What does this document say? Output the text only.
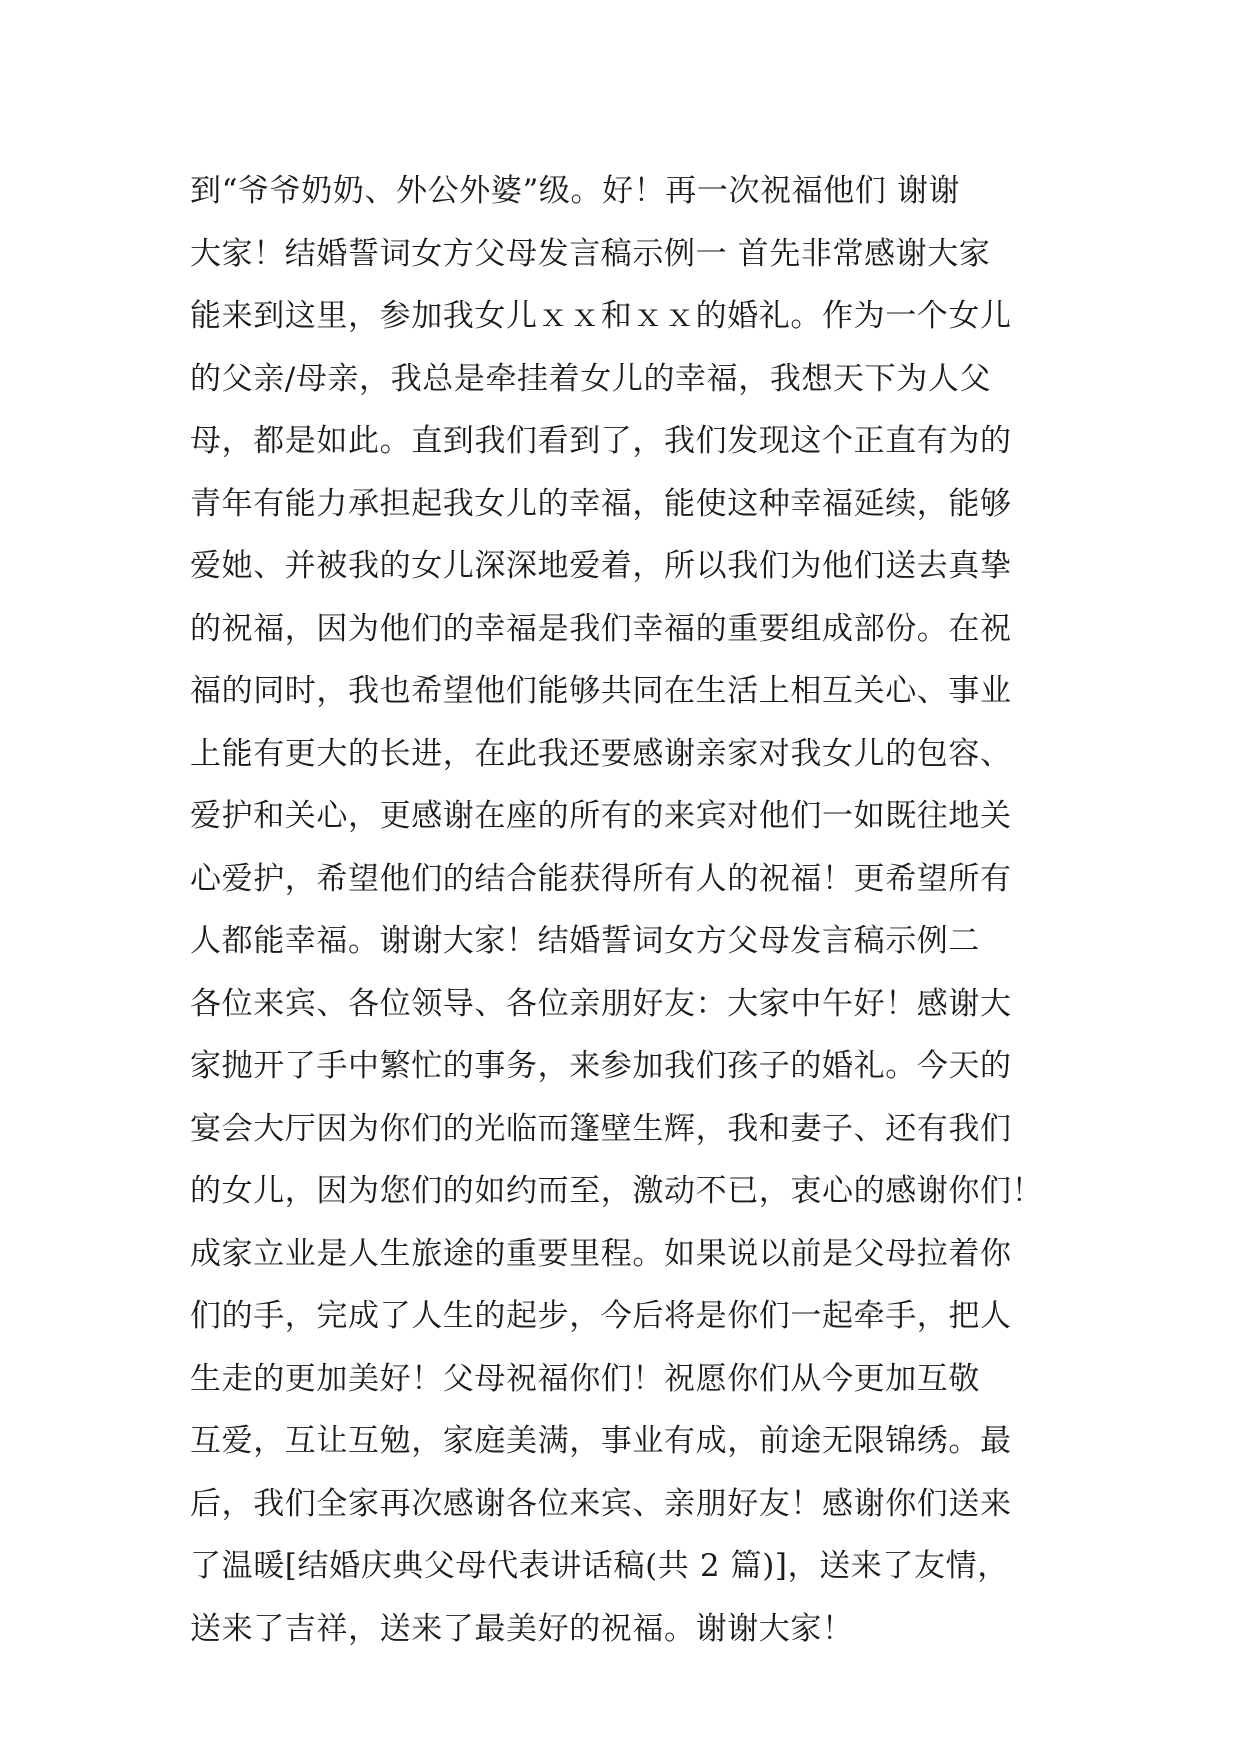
到“爷爷奶奶、外公外婆”级。好！再一次祝福他们 谢谢
大家！结婚誓词女方父母发言稿示例一 首先非常感谢大家
能来到这里，参加我女儿ｘｘ和ｘｘ的婚礼。作为一个女儿
的父亲/母亲，我总是牵挂着女儿的幸福，我想天下为人父
母，都是如此。直到我们看到了，我们发现这个正直有为的
青年有能力承担起我女儿的幸福，能使这种幸福延续，能够
爱她、并被我的女儿深深地爱着，所以我们为他们送去真挚
的祝福，因为他们的幸福是我们幸福的重要组成部份。在祝
福的同时，我也希望他们能够共同在生活上相互关心、事业
上能有更大的长进，在此我还要感谢亲家对我女儿的包容、
爱护和关心，更感谢在座的所有的来宾对他们一如既往地关
心爱护，希望他们的结合能获得所有人的祝福！更希望所有
人都能幸福。谢谢大家！结婚誓词女方父母发言稿示例二
各位来宾、各位领导、各位亲朋好友：大家中午好！感谢大
家抛开了手中繁忙的事务，来参加我们孩子的婚礼。今天的
宴会大厅因为你们的光临而篷壁生辉，我和妻子、还有我们
的女儿，因为您们的如约而至，激动不已，衷心的感谢你们！
成家立业是人生旅途的重要里程。如果说以前是父母拉着你
们的手，完成了人生的起步，今后将是你们一起牵手，把人
生走的更加美好！父母祝福你们！祝愿你们从今更加互敬
互爱，互让互勉，家庭美满，事业有成，前途无限锦绣。最
后，我们全家再次感谢各位来宾、亲朋好友！感谢你们送来
了温暖[结婚庆典父母代表讲话稿(共 2 篇)]，送来了友情，
送来了吉祥，送来了最美好的祝福。谢谢大家！
